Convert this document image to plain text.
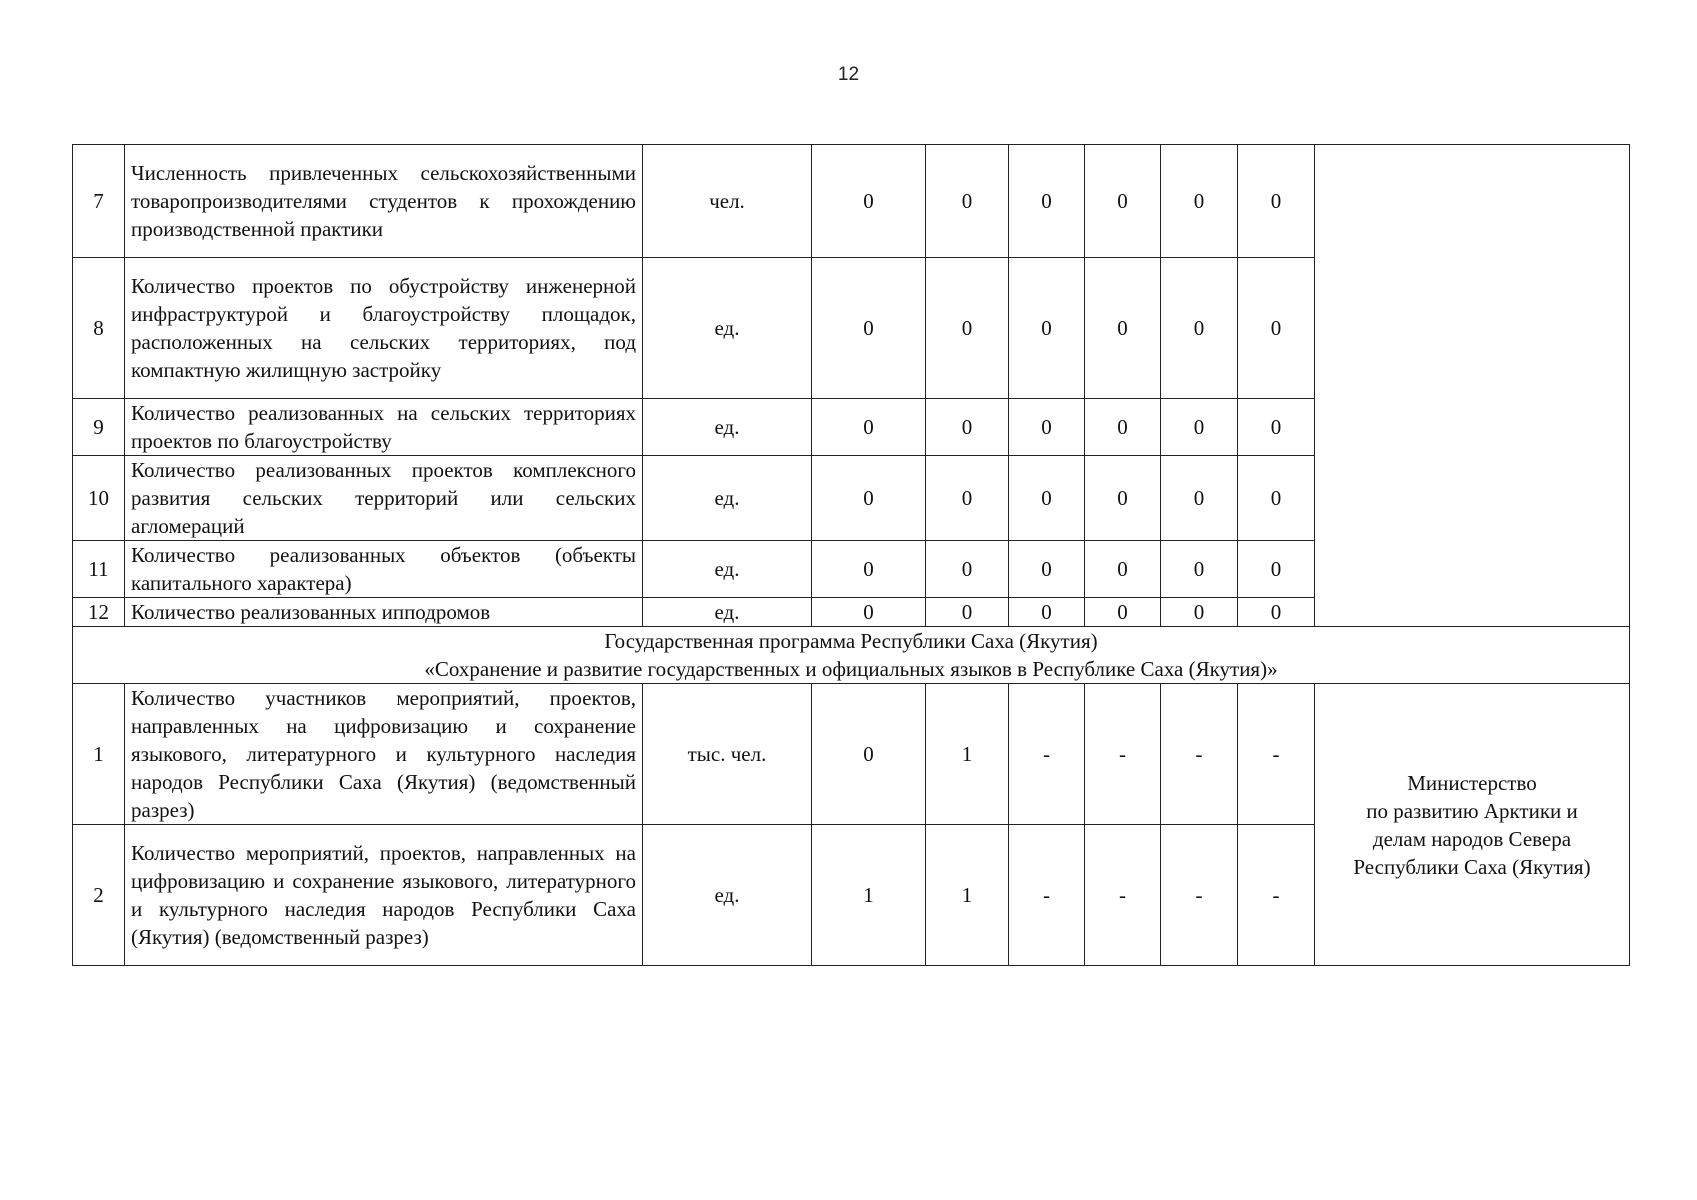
12
7	Численность привлеченных сельскохозяйственными товаропроизводителями студентов к прохождению производственной практики	чел.	0	0	0	0	0	0	
8	Количество проектов по обустройству инженерной инфраструктурой и благоустройству площадок, расположенных на сельских территориях, под компактную жилищную застройку	ед.	0	0	0	0	0	0	
9	Количество реализованных на сельских территориях проектов по благоустройству	ед.	0	0	0	0	0	0	
10	Количество реализованных проектов комплексного развития сельских территорий или сельских агломераций	ед.	0	0	0	0	0	0	
11	Количество реализованных объектов (объекты капитального характера)	ед.	0	0	0	0	0	0	
12	Количество реализованных ипподромов	ед.	0	0	0	0	0	0	

Государственная программа Республики Саха (Якутия)
«Сохранение и развитие государственных и официальных языков в Республике Саха (Якутия)»									

1	Количество участников мероприятий, проектов, направленных на цифровизацию и сохранение языкового, литературного и культурного наследия народов Республики Саха (Якутия) (ведомственный разрез)	тыс. чел.	0	1	-	-	-	-	Министерство
по развитию Арктики и
делам народов Севера
Республики Саха (Якутия)

2	Количество мероприятий, проектов, направленных на цифровизацию и сохранение языкового, литературного и культурного наследия народов Республики Саха (Якутия) (ведомственный разрез)	ед.	1	1	-	-	-	-	
